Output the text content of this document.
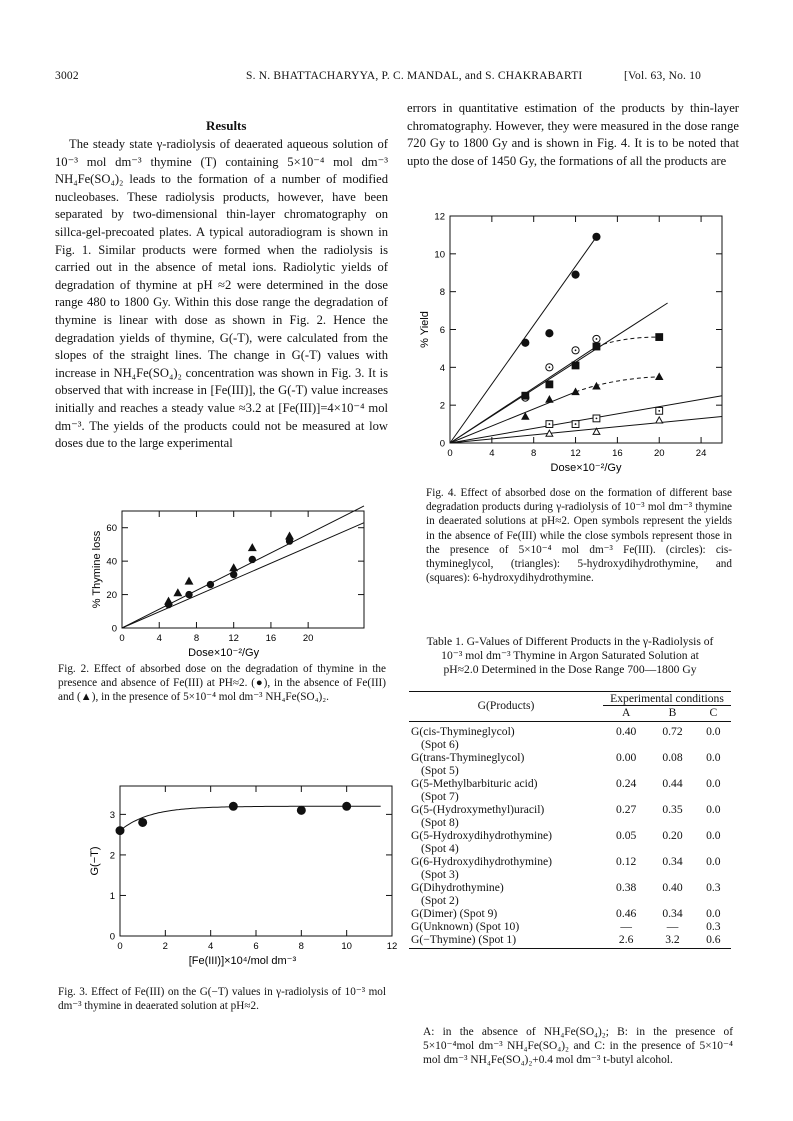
3002	S. N. BHATTACHARYYA, P. C. MANDAL, and S. CHAKRABARTI	[Vol. 63, No. 10
Results

The steady state γ-radiolysis of deaerated aqueous solution of 10⁻³ mol dm⁻³ thymine (T) containing 5×10⁻⁴ mol dm⁻³ NH₄Fe(SO₄)₂ leads to the formation of a number of modified nucleobases. These radiolysis products, however, have been separated by two-dimensional thin-layer chromatography on sillca-gel-precoated plates. A typical autoradiogram is shown in Fig. 1. Similar products were formed when the radiolysis is carried out in the absence of metal ions. Radiolytic yields of degradation of thymine at pH ≈2 were determined in the dose range 480 to 1800 Gy. Within this dose range the degradation of thymine is linear with dose as shown in Fig. 2. Hence the degradation yields of thymine, G(-T), were calculated from the slopes of the straight lines. The change in G(-T) values with increase in NH₄Fe(SO₄)₂ concentration was shown in Fig. 3. It is observed that with increase in [Fe(III)], the G(-T) value increases initially and reaches a steady value ≈3.2 at [Fe(III)]=4×10⁻⁴ mol dm⁻³. The yields of the products could not be measured at low doses due to the large experimental

errors in quantitative estimation of the products by thin-layer chromatography. However, they were measured in the dose range 720 Gy to 1800 Gy and is shown in Fig. 4. It is to be noted that upto the dose of 1450 Gy, the formations of all the products are

0	4	8	12	16	20	24
0
2
4
6
8
10
12
Dose×10⁻²/Gy
% Yield

Fig. 4. Effect of absorbed dose on the formation of different base degradation products during γ-radiolysis of 10⁻³ mol dm⁻³ thymine in deaerated solutions at pH≈2. Open symbols represent the yields in the absence of Fe(III) while the close symbols represent those in the presence of 5×10⁻⁴ mol dm⁻³ Fe(III). (circles): cis-thymineglycol, (triangles): 5-hydroxydihydrothymine, and (squares): 6-hydroxydihydrothymine.

0	4	8	12	16	20
0
20
40
60
Dose×10⁻²/Gy
% Thymine loss

Fig. 2. Effect of absorbed dose on the degradation of thymine in the presence and absence of Fe(III) at PH≈2. (●), in the absence of Fe(III) and (▲), in the presence of 5×10⁻⁴ mol dm⁻³ NH₄Fe(SO₄)₂.

0	2	4	6	8	10	12
0
1
2
3
[Fe(III)]×10⁴/mol dm⁻³
G(−T)

Fig. 3. Effect of Fe(III) on the G(−T) values in γ-radiolysis of 10⁻³ mol dm⁻³ thymine in deaerated solution at pH≈2.

Table 1. G-Values of Different Products in the γ-Radiolysis of 10⁻³ mol dm⁻³ Thymine in Argon Saturated Solution at pH≈2.0 Determined in the Dose Range 700—1800 Gy

G(Products)	Experimental conditions		
	A	B	C

G(cis-Thymineglycol)	0.40	0.72	0.0
(Spot 6)			
G(trans-Thymineglycol)	0.00	0.08	0.0
(Spot 5)			
G(5-Methylbarbituric acid)	0.24	0.44	0.0
(Spot 7)			
G(5-(Hydroxymethyl)uracil)	0.27	0.35	0.0
(Spot 8)			
G(5-Hydroxydihydrothymine)	0.05	0.20	0.0
(Spot 4)			
G(6-Hydroxydihydrothymine)	0.12	0.34	0.0
(Spot 3)			
G(Dihydrothymine)	0.38	0.40	0.3
(Spot 2)			
G(Dimer) (Spot 9)	0.46	0.34	0.0
G(Unknown) (Spot 10)	—	—	0.3
G(−Thymine) (Spot 1)	2.6	3.2	0.6

A: in the absence of NH₄Fe(SO₄)₂; B: in the presence of 5×10⁻⁴mol dm⁻³ NH₄Fe(SO₄)₂ and C: in the presence of 5×10⁻⁴ mol dm⁻³ NH₄Fe(SO₄)₂+0.4 mol dm⁻³ t-butyl alcohol.
